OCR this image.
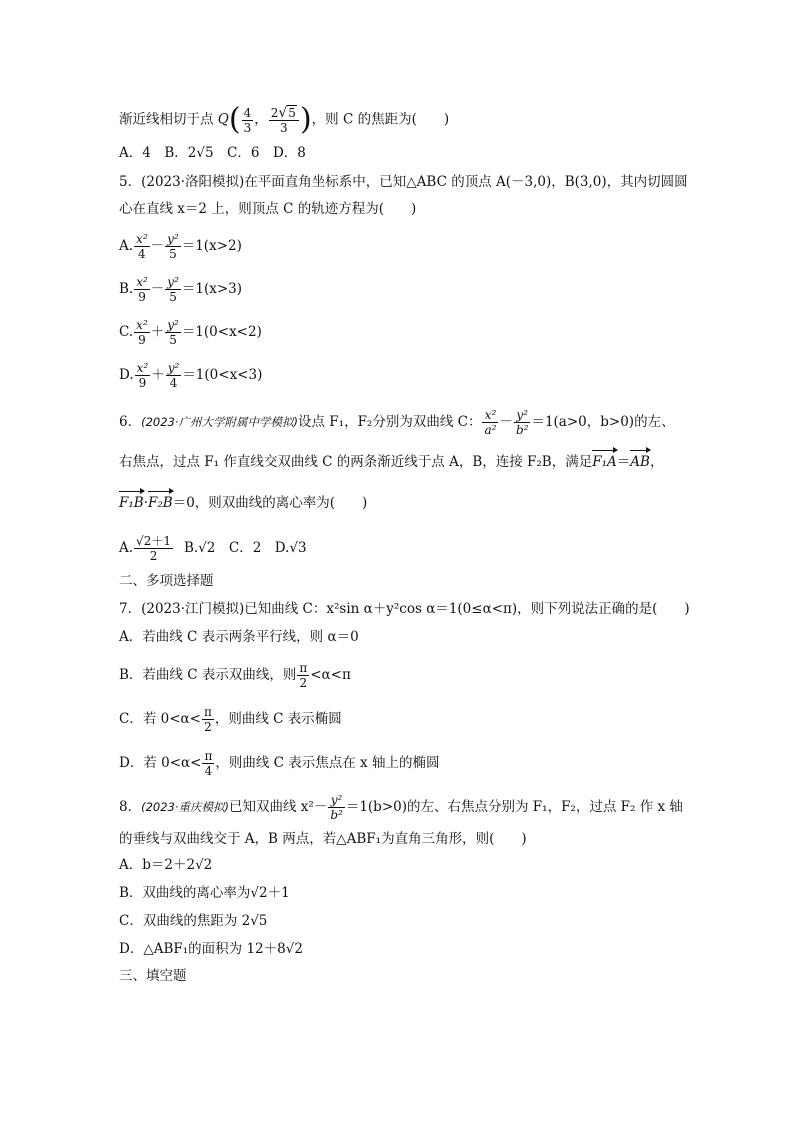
渐近线相切于点 $Q( \frac{4}{3}$ ， $\frac{2√5}{3}$ )，则 C 的焦距为(　　)
A．4　B．2√5　C．6　D．8
5．(2023·洛阳模拟)在平面直角坐标系中，已知△ABC 的顶点 A(－3,0)，B(3,0)，其内切圆圆
心在直线 x＝2 上，则顶点 C 的轨迹方程为(　　)
A. $\frac{\text{x²}}{4} - \frac{\text{y²}}{5} =1(x>2)$
B. $\frac{\text{x²}}{9} - \frac{\text{y²}}{5} =1(x>3)$
C. $\frac{\text{x²}}{9} + \frac{\text{y²}}{5} =1(0<x<2)$
D. $\frac{\text{x²}}{9} + \frac{\text{y²}}{4} =1(0<x<3)$
6．(2023·广州大学附属中学模拟)设点 F₁，F₂分别为双曲线 C： $\frac{\text{x²}}{\text{a²}} - \frac{\text{y²}}{\text{b²}} =1(a>0$，b>0)的左、
右焦点，过点 F₁ 作直线交双曲线 C 的两条渐近线于点 A，B，连接 F₂B，满足F₁A＝AB，
F₁B·F₂B＝0，则双曲线的离心率为(　　)
A. $\frac{√2+1}{2} B.√2$　C．2　D.√3
二、多项选择题
7．(2023·江门模拟)已知曲线 C：x²sin α＋y²cos α＝1(0≤α<π)，则下列说法正确的是(　　)
A．若曲线 C 表示两条平行线，则 α＝0
B．若曲线 C 表示双曲线，则 $\frac{\pi}{2} <\alpha<\pi$
C．若 $0<\alpha< \frac{\pi}{2}$ ，则曲线 C 表示椭圆
D．若 $0<\alpha< \frac{\pi}{4}$ ，则曲线 C 表示焦点在 x 轴上的椭圆
8．(2023·重庆模拟)已知双曲线 $x^2- \frac{\text{y²}}{\text{b²}} =1(b>0)$的左、右焦点分别为 F₁，F₂，过点 F₂ 作 x 轴
的垂线与双曲线交于 A，B 两点，若△ABF₁为直角三角形，则(　　)
A．b＝2＋2√2
B．双曲线的离心率为√2＋1
C．双曲线的焦距为 2√5
D．△ABF₁的面积为 12＋8√2
三、填空题
